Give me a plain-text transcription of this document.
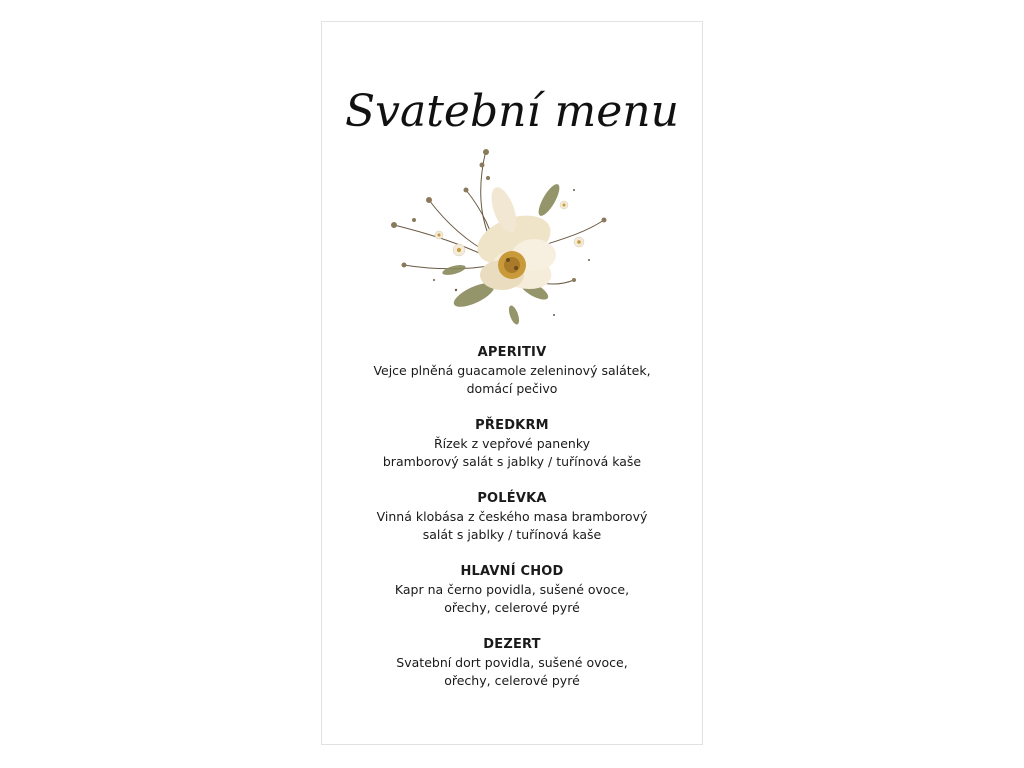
Svatební menu
APERITIV
Vejce plněná guacamole zeleninový salátek,
domácí pečivo
PŘEDKRM
Řízek z vepřové panenky
bramborový salát s jablky / tuřínová kaše
POLÉVKA
Vinná klobása z českého masa bramborový
salát s jablky / tuřínová kaše
HLAVNÍ CHOD
Kapr na černo povidla, sušené ovoce,
ořechy, celerové pyré
DEZERT
Svatební dort povidla, sušené ovoce,
ořechy, celerové pyré
